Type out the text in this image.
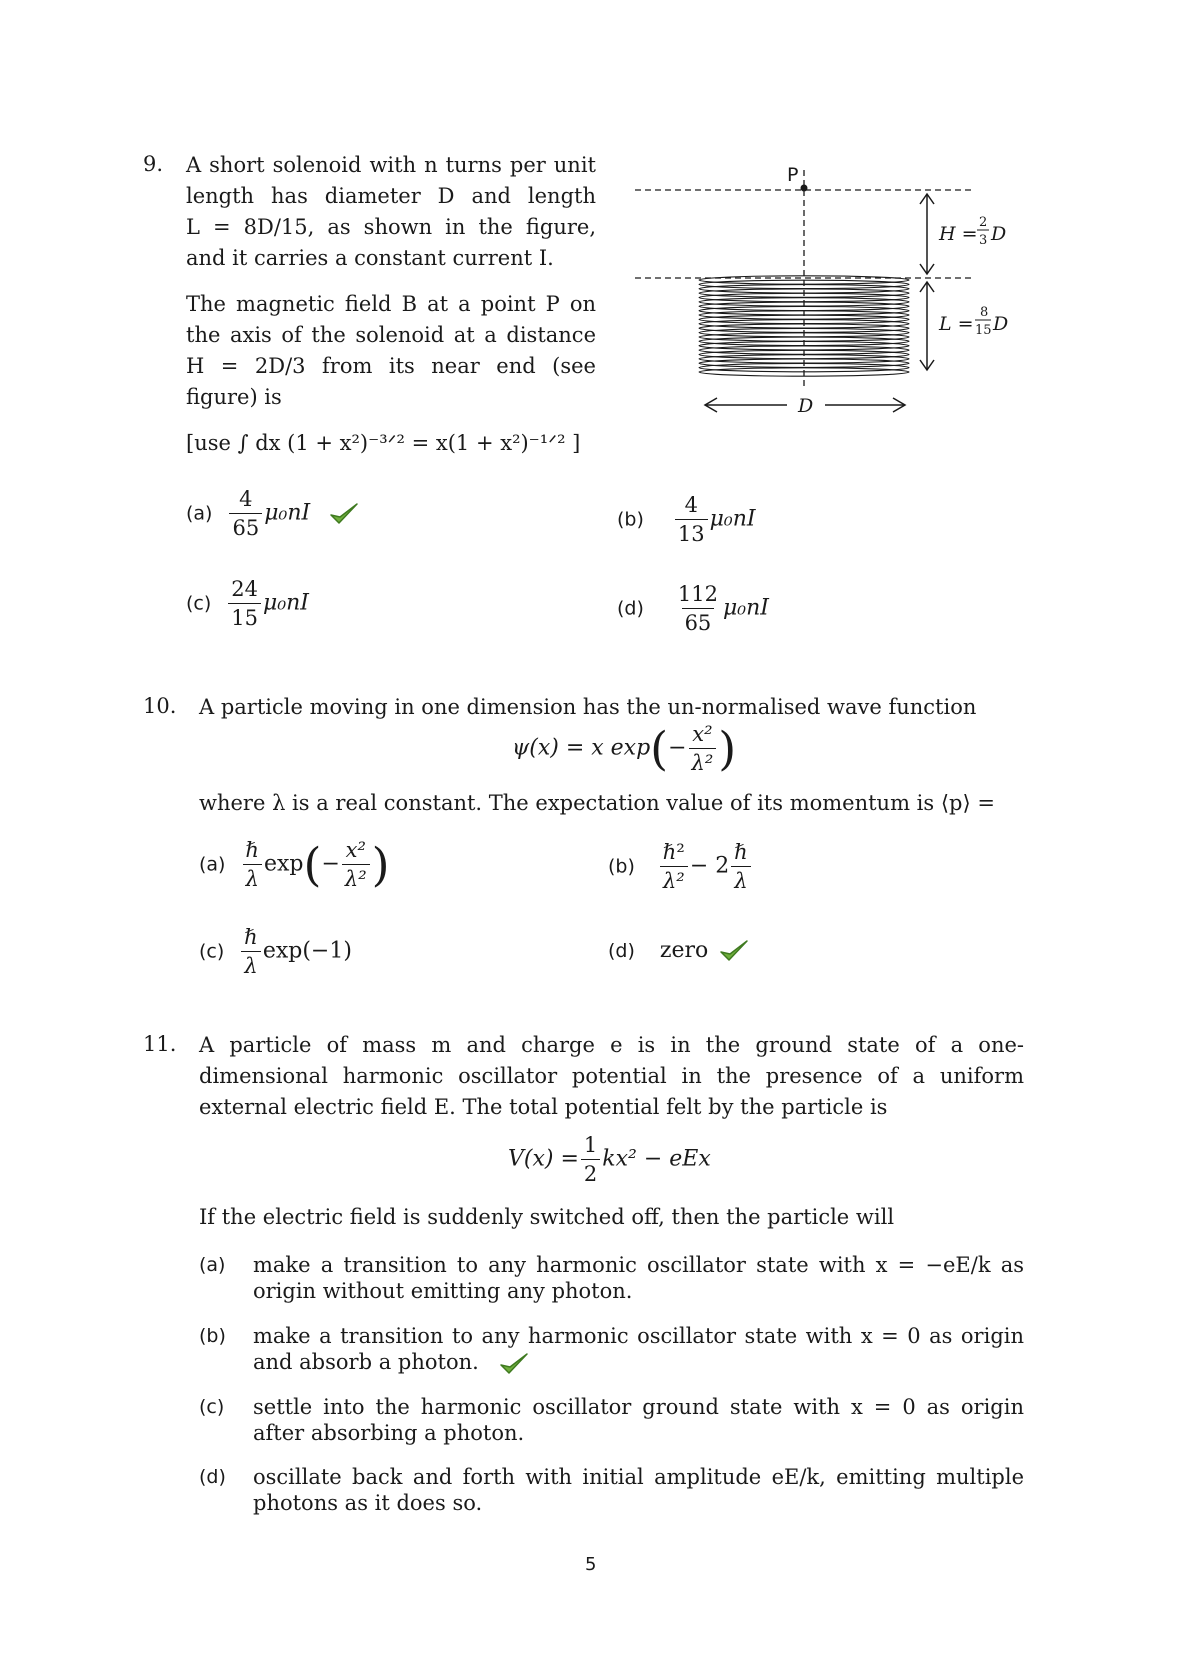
9. A short solenoid with n turns per unit
length has diameter D and length
L = 8D/15, as shown in the figure,
and it carries a constant current I.
The magnetic field B at a point P on
the axis of the solenoid at a distance
H = 2D/3 from its near end (see
figure) is
[use ∫ dx (1 + x²)⁻³ᐟ² = x(1 + x²)⁻¹ᐟ² ]
P
D
H =
2
3 D
L =
8
15 D
$(a) \frac{4}{65} \mu_0nI$	$(b) \frac{4}{13} \mu_0nI$
$(c) \frac{24}{15} \mu_0nI$	$(d) \frac{112}{65} \mu_0nI$
10. A particle moving in one dimension has the un-normalised wave function
ψ(x) = x $\exp(- \frac{\text{x²}}{\text{λ²}}$ )
where λ is a real constant. The expectation value of its momentum is ⟨p⟩ =
$(a) \frac{\text{ℏ}}{\lambda} \exp(- \frac{\text{x²}}{\text{λ²}}$ )	$(b) \frac{\text{ℏ²}}{\text{λ²}} - 2 \frac{\text{ℏ}}{\lambda}$
$(c) \frac{\text{ℏ}}{\lambda} \exp(-1)$	(d) zero
11. A particle of mass m and charge e is in the ground state of a one-
dimensional harmonic oscillator potential in the presence of a uniform
external electric field E. The total potential felt by the particle is
$V(x) = \frac{1}{2} kx^2$ − eEx
If the electric field is suddenly switched off, then the particle will
(a) make a transition to any harmonic oscillator state with x = −eE/k as
origin without emitting any photon.
(b) make a transition to any harmonic oscillator state with x = 0 as origin
and absorb a photon.
(c) settle into the harmonic oscillator ground state with x = 0 as origin
after absorbing a photon.
(d) oscillate back and forth with initial amplitude eE/k, emitting multiple
photons as it does so.
5
